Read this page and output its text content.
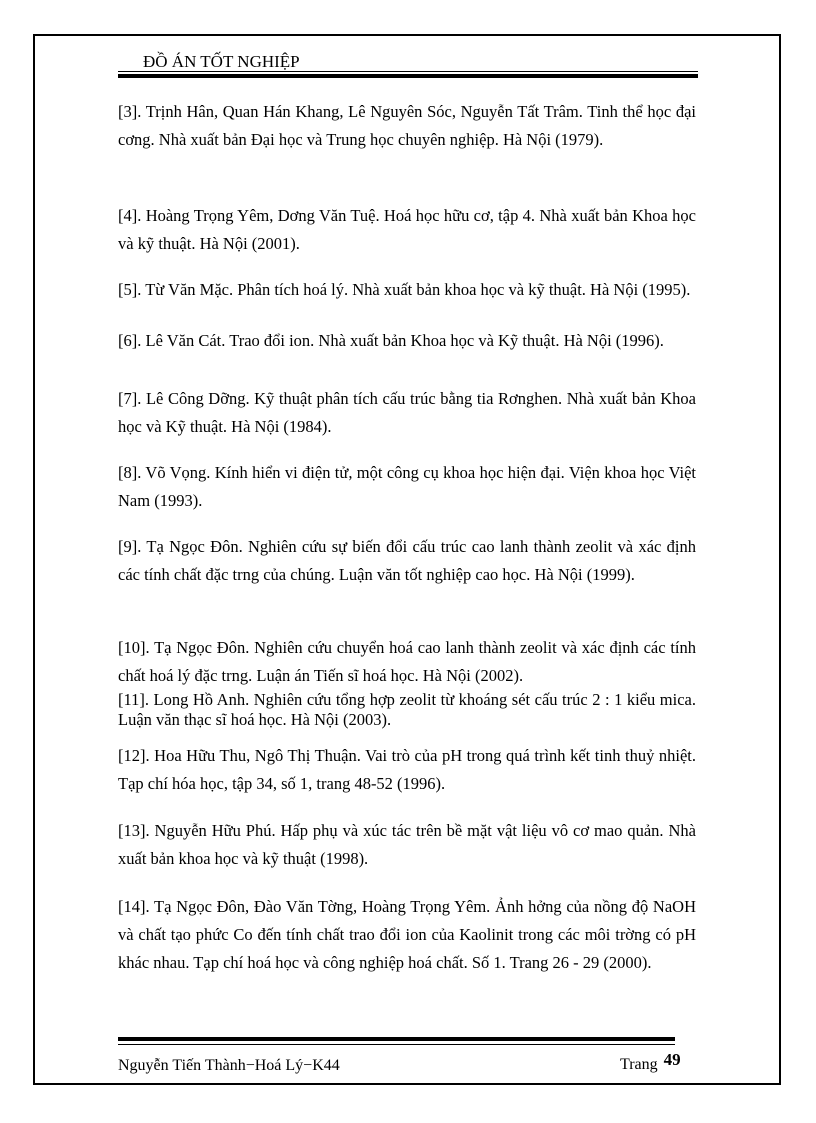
ĐỒ ÁN TỐT NGHIỆP

[3]. Trịnh Hân, Quan Hán Khang, Lê Nguyên Sóc, Nguyễn Tất Trâm. Tinh thể học đại cơng. Nhà xuất bản Đại học và Trung học chuyên nghiệp. Hà Nội (1979).

[4]. Hoàng Trọng Yêm, Dơng Văn Tuệ. Hoá học hữu cơ, tập 4. Nhà xuất bản Khoa học và kỹ thuật. Hà Nội (2001).

[5]. Từ Văn Mặc. Phân tích hoá lý. Nhà xuất bản khoa học và kỹ thuật. Hà Nội (1995).

[6]. Lê Văn Cát. Trao đổi ion. Nhà xuất bản Khoa học và Kỹ thuật. Hà Nội (1996).

[7]. Lê Công Dỡng. Kỹ thuật phân tích cấu trúc bằng tia Rơnghen. Nhà xuất bản Khoa học và Kỹ thuật. Hà Nội (1984).

[8]. Võ Vọng. Kính hiển vi điện tử, một công cụ khoa học hiện đại. Viện khoa học Việt Nam (1993).

[9]. Tạ Ngọc Đôn. Nghiên cứu sự biến đổi cấu trúc cao lanh thành zeolit và xác định các tính chất đặc trng của chúng. Luận văn tốt nghiệp cao học. Hà Nội (1999).

[10]. Tạ Ngọc Đôn. Nghiên cứu chuyển hoá cao lanh thành zeolit và xác định các tính chất hoá lý đặc trng. Luận án Tiến sĩ hoá học. Hà Nội (2002).

[11]. Long Hồ Anh. Nghiên cứu tổng hợp zeolit từ khoáng sét cấu trúc 2 : 1 kiểu mica. Luận văn thạc sĩ hoá học. Hà Nội (2003).

[12]. Hoa Hữu Thu, Ngô Thị Thuận. Vai trò của pH trong quá trình kết tinh thuỷ nhiệt. Tạp chí hóa học, tập 34, số 1, trang 48-52 (1996).

[13]. Nguyễn Hữu Phú. Hấp phụ và xúc tác trên bề mặt vật liệu vô cơ mao quản. Nhà xuất bản khoa học và kỹ thuật (1998).

[14]. Tạ Ngọc Đôn, Đào Văn Tờng, Hoàng Trọng Yêm. Ảnh hởng của nồng độ NaOH và chất tạo phức Co đến tính chất trao đổi ion của Kaolinit trong các môi trờng có pH khác nhau. Tạp chí hoá học và công nghiệp hoá chất. Số 1. Trang 26 - 29 (2000).

Nguyễn Tiến Thành−Hoá Lý−K44	Trang 49
